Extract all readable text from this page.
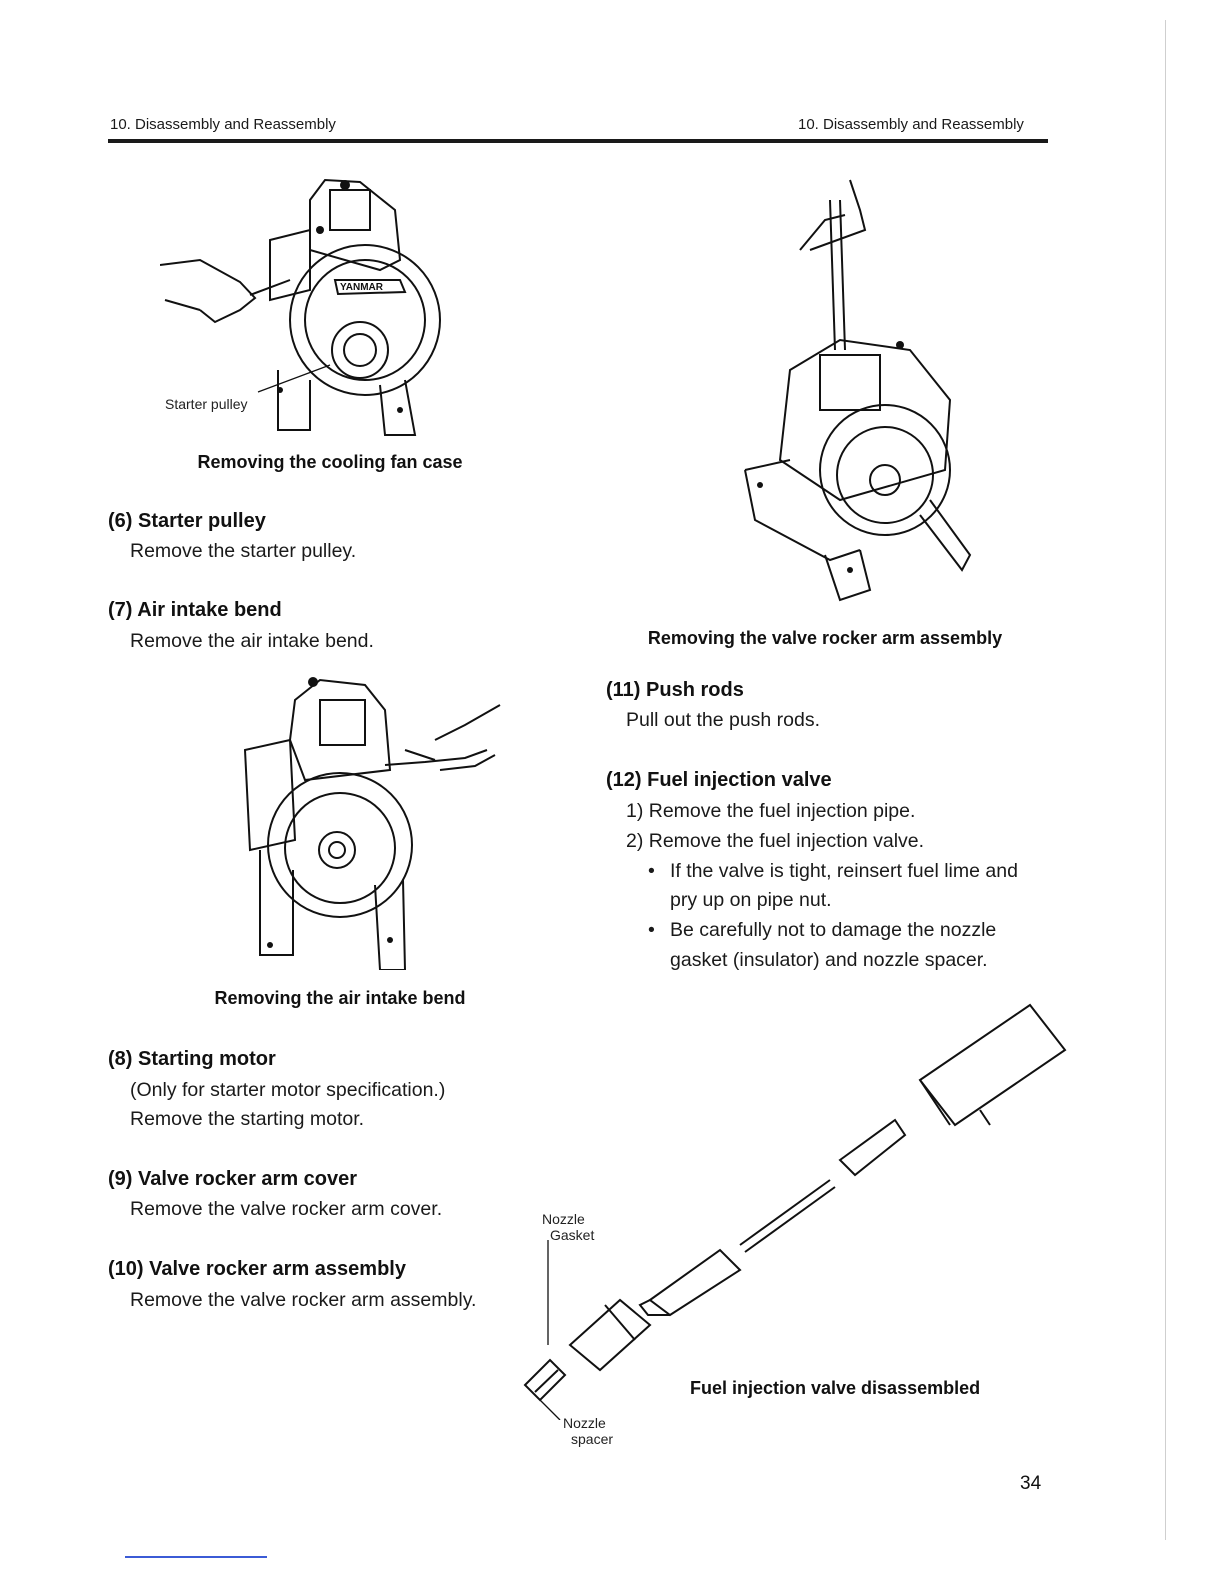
10. Disassembly and Reassembly	10. Disassembly and Reassembly
YANMAR
Starter pulley
Removing the cooling fan case
(6) Starter pulley
Remove the starter pulley.
(7) Air intake bend
Remove the air intake bend.
Removing the air intake bend
(8) Starting motor
(Only for starter motor specification.)
Remove the starting motor.
(9) Valve rocker arm cover
Remove the valve rocker arm cover.
(10) Valve rocker arm assembly
Remove the valve rocker arm assembly.
Removing the valve rocker arm assembly
(11) Push rods
Pull out the push rods.
(12) Fuel injection valve
1) Remove the fuel injection pipe.
2) Remove the fuel injection valve.
• If the valve is tight, reinsert fuel lime and
pry up on pipe nut.
• Be carefully not to damage the nozzle
gasket (insulator) and nozzle spacer.
Nozzle
Gasket
Nozzle
spacer
Fuel injection valve disassembled
34
